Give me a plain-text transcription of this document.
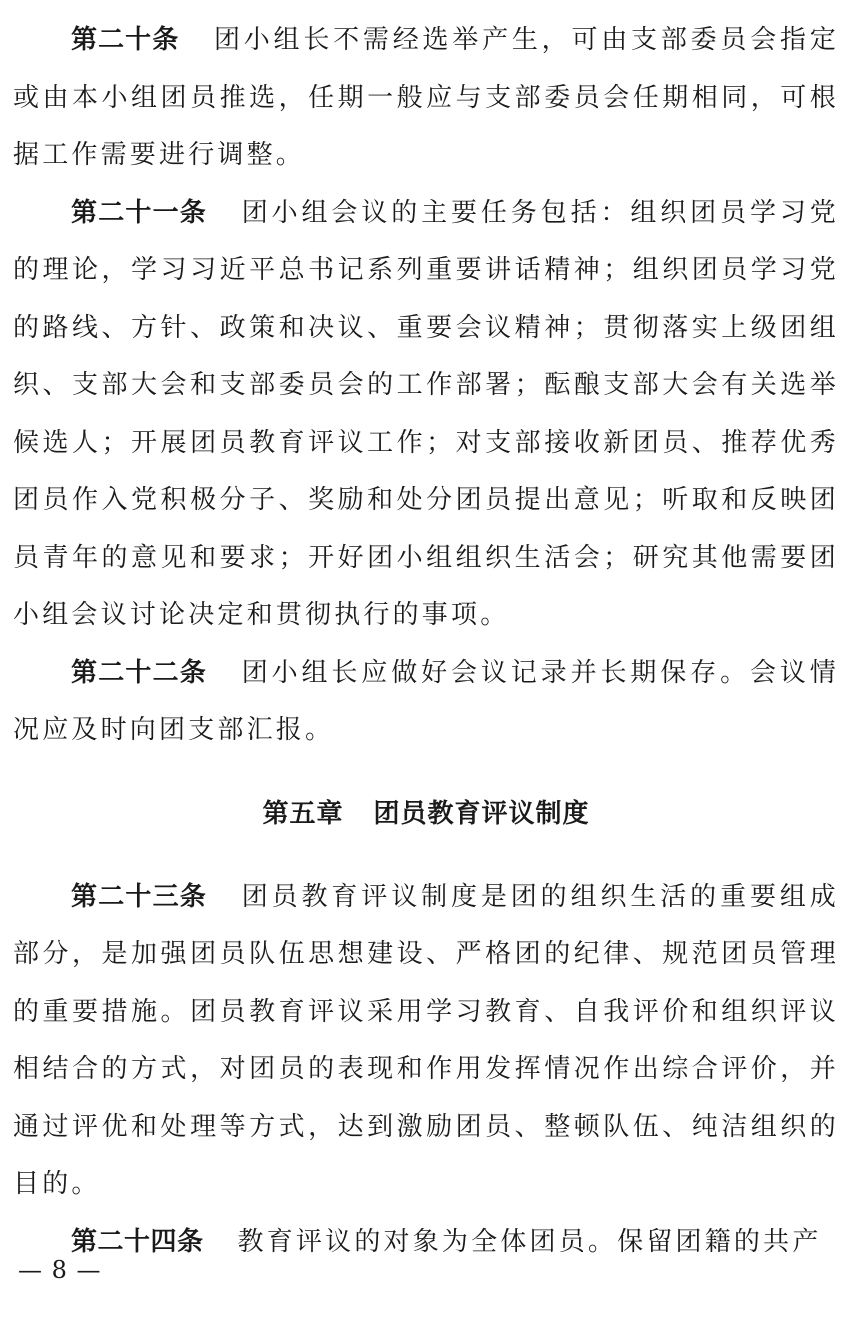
第二十条 团小组长不需经选举产生，可由支部委员会指定或由本小组团员推选，任期一般应与支部委员会任期相同，可根据工作需要进行调整。

第二十一条 团小组会议的主要任务包括：组织团员学习党的理论，学习习近平总书记系列重要讲话精神；组织团员学习党的路线、方针、政策和决议、重要会议精神；贯彻落实上级团组织、支部大会和支部委员会的工作部署；酝酿支部大会有关选举候选人；开展团员教育评议工作；对支部接收新团员、推荐优秀团员作入党积极分子、奖励和处分团员提出意见；听取和反映团员青年的意见和要求；开好团小组组织生活会；研究其他需要团小组会议讨论决定和贯彻执行的事项。

第二十二条 团小组长应做好会议记录并长期保存。会议情况应及时向团支部汇报。

第五章 团员教育评议制度

第二十三条 团员教育评议制度是团的组织生活的重要组成部分，是加强团员队伍思想建设、严格团的纪律、规范团员管理的重要措施。团员教育评议采用学习教育、自我评价和组织评议相结合的方式，对团员的表现和作用发挥情况作出综合评价，并通过评优和处理等方式，达到激励团员、整顿队伍、纯洁组织的目的。

第二十四条 教育评议的对象为全体团员。保留团籍的共产

— 8 —
